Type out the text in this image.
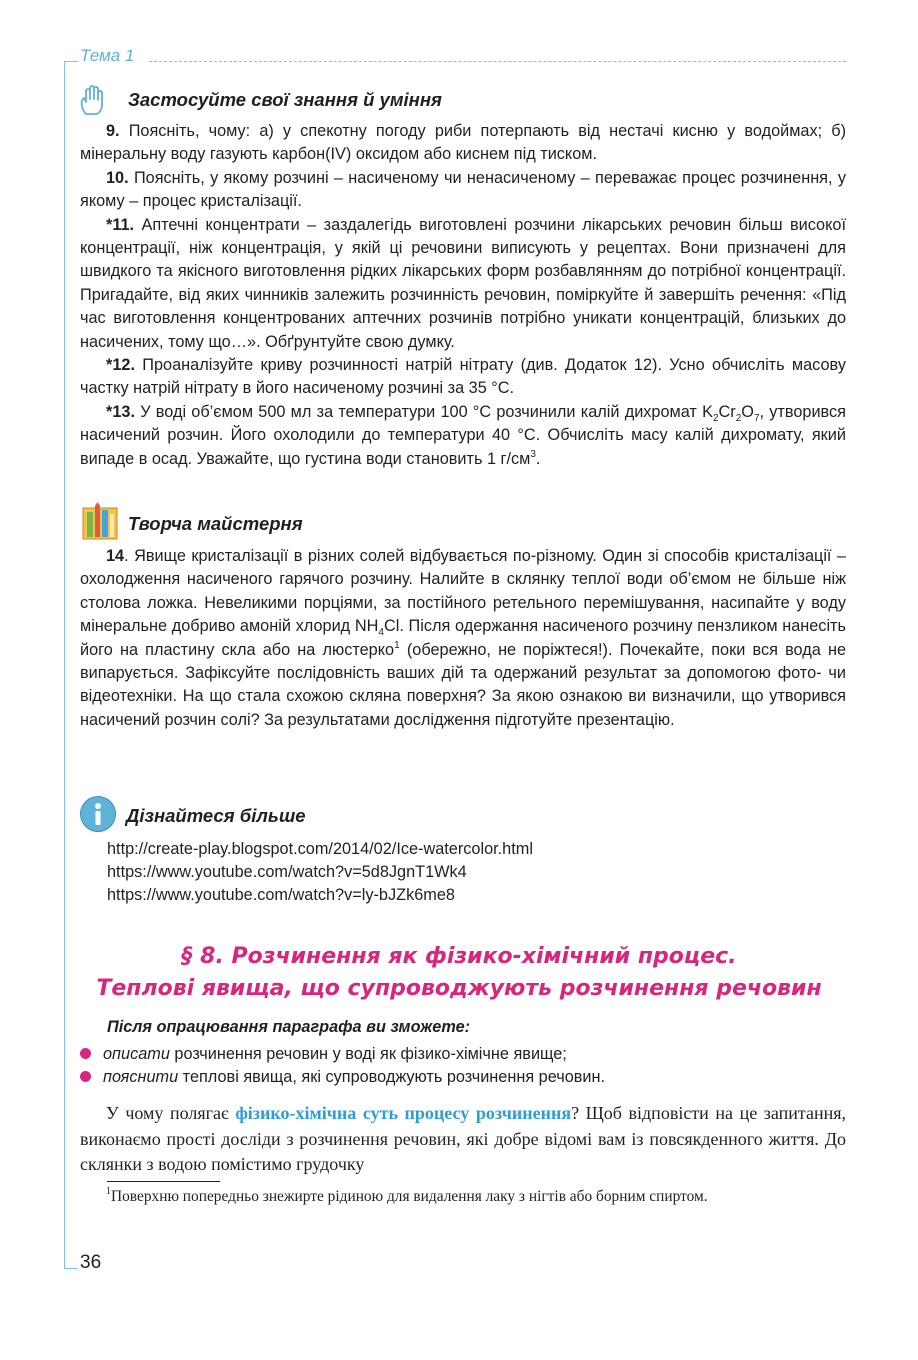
Тема 1
Застосуйте свої знання й уміння

9. Поясніть, чому: а) у спекотну погоду риби потерпають від нестачі кисню у водоймах; б) мінеральну воду газують карбон(IV) оксидом або киснем під тиском.

10. Поясніть, у якому розчині – насиченому чи ненасиченому – переважає процес розчинення, у якому – процес кристалізації.

*11. Аптечні концентрати – заздалегідь виготовлені розчини лікарських речовин більш високої концентрації, ніж концентрація, у якій ці речовини виписують у рецептах. Вони призначені для швидкого та якісного виготовлення рідких лікарських форм розбавлянням до потрібної концентрації. Пригадайте, від яких чинників залежить розчинність речовин, поміркуйте й завершіть речення: «Під час виготовлення концентрованих аптечних розчинів потрібно уникати концентрацій, близьких до насичених, тому що…». Обґрунтуйте свою думку.

*12. Проаналізуйте криву розчинності натрій нітрату (див. Додаток 12). Усно обчисліть масову частку натрій нітрату в його насиченому розчині за 35 °С.

*13. У воді об’ємом 500 мл за температури 100 °С розчинили калій дихромат $K_2Cr_2O_7$, утворився насичений розчин. Його охолодили до температури 40 °С. Обчисліть масу калій дихромату, який випаде в осад. Уважайте, що густина води становить 1 $г/см^3$.

Творча майстерня

14. Явище кристалізації в різних солей відбувається по-різному. Один зі способів кристалізації – охолодження насиченого гарячого розчину. Налийте в склянку теплої води об’ємом не більше ніж столова ложка. Невеликими порціями, за постійного ретельного перемішування, насипайте у воду мінеральне добриво амоній хлорид $NH_4Cl$. Після одержання насиченого розчину пензликом нанесіть його на пластину скла або на люстерко$^1$ (обережно, не поріжтеся!). Почекайте, поки вся вода не випарується. Зафіксуйте послідовність ваших дій та одержаний результат за допомогою фото- чи відеотехніки. На що стала схожою скляна поверхня? За якою ознакою ви визначили, що утворився насичений розчин солі? За результатами дослідження підготуйте презентацію.

Дізнайтеся більше
http://create-play.blogspot.com/2014/02/Ice-watercolor.html
https://www.youtube.com/watch?v=5d8JgnT1Wk4
https://www.youtube.com/watch?v=ly-bJZk6me8
§ 8. Розчинення як фізико-хімічний процес.
Теплові явища, що супроводжують розчинення речовин
Після опрацювання параграфа ви зможете:
описати розчинення речовин у воді як фізико-хімічне явище;
пояснити теплові явища, які супроводжують розчинення речовин.
У чому полягає фізико-хімічна суть процесу розчинення? Щоб відповісти на це запитання, виконаємо прості досліди з розчинення речовин, які добре відомі вам із повсякденного життя. До склянки з водою помістимо грудочку
$^1$Поверхню попередньо знежирте рідиною для видалення лаку з нігтів або борним спиртом.
36
